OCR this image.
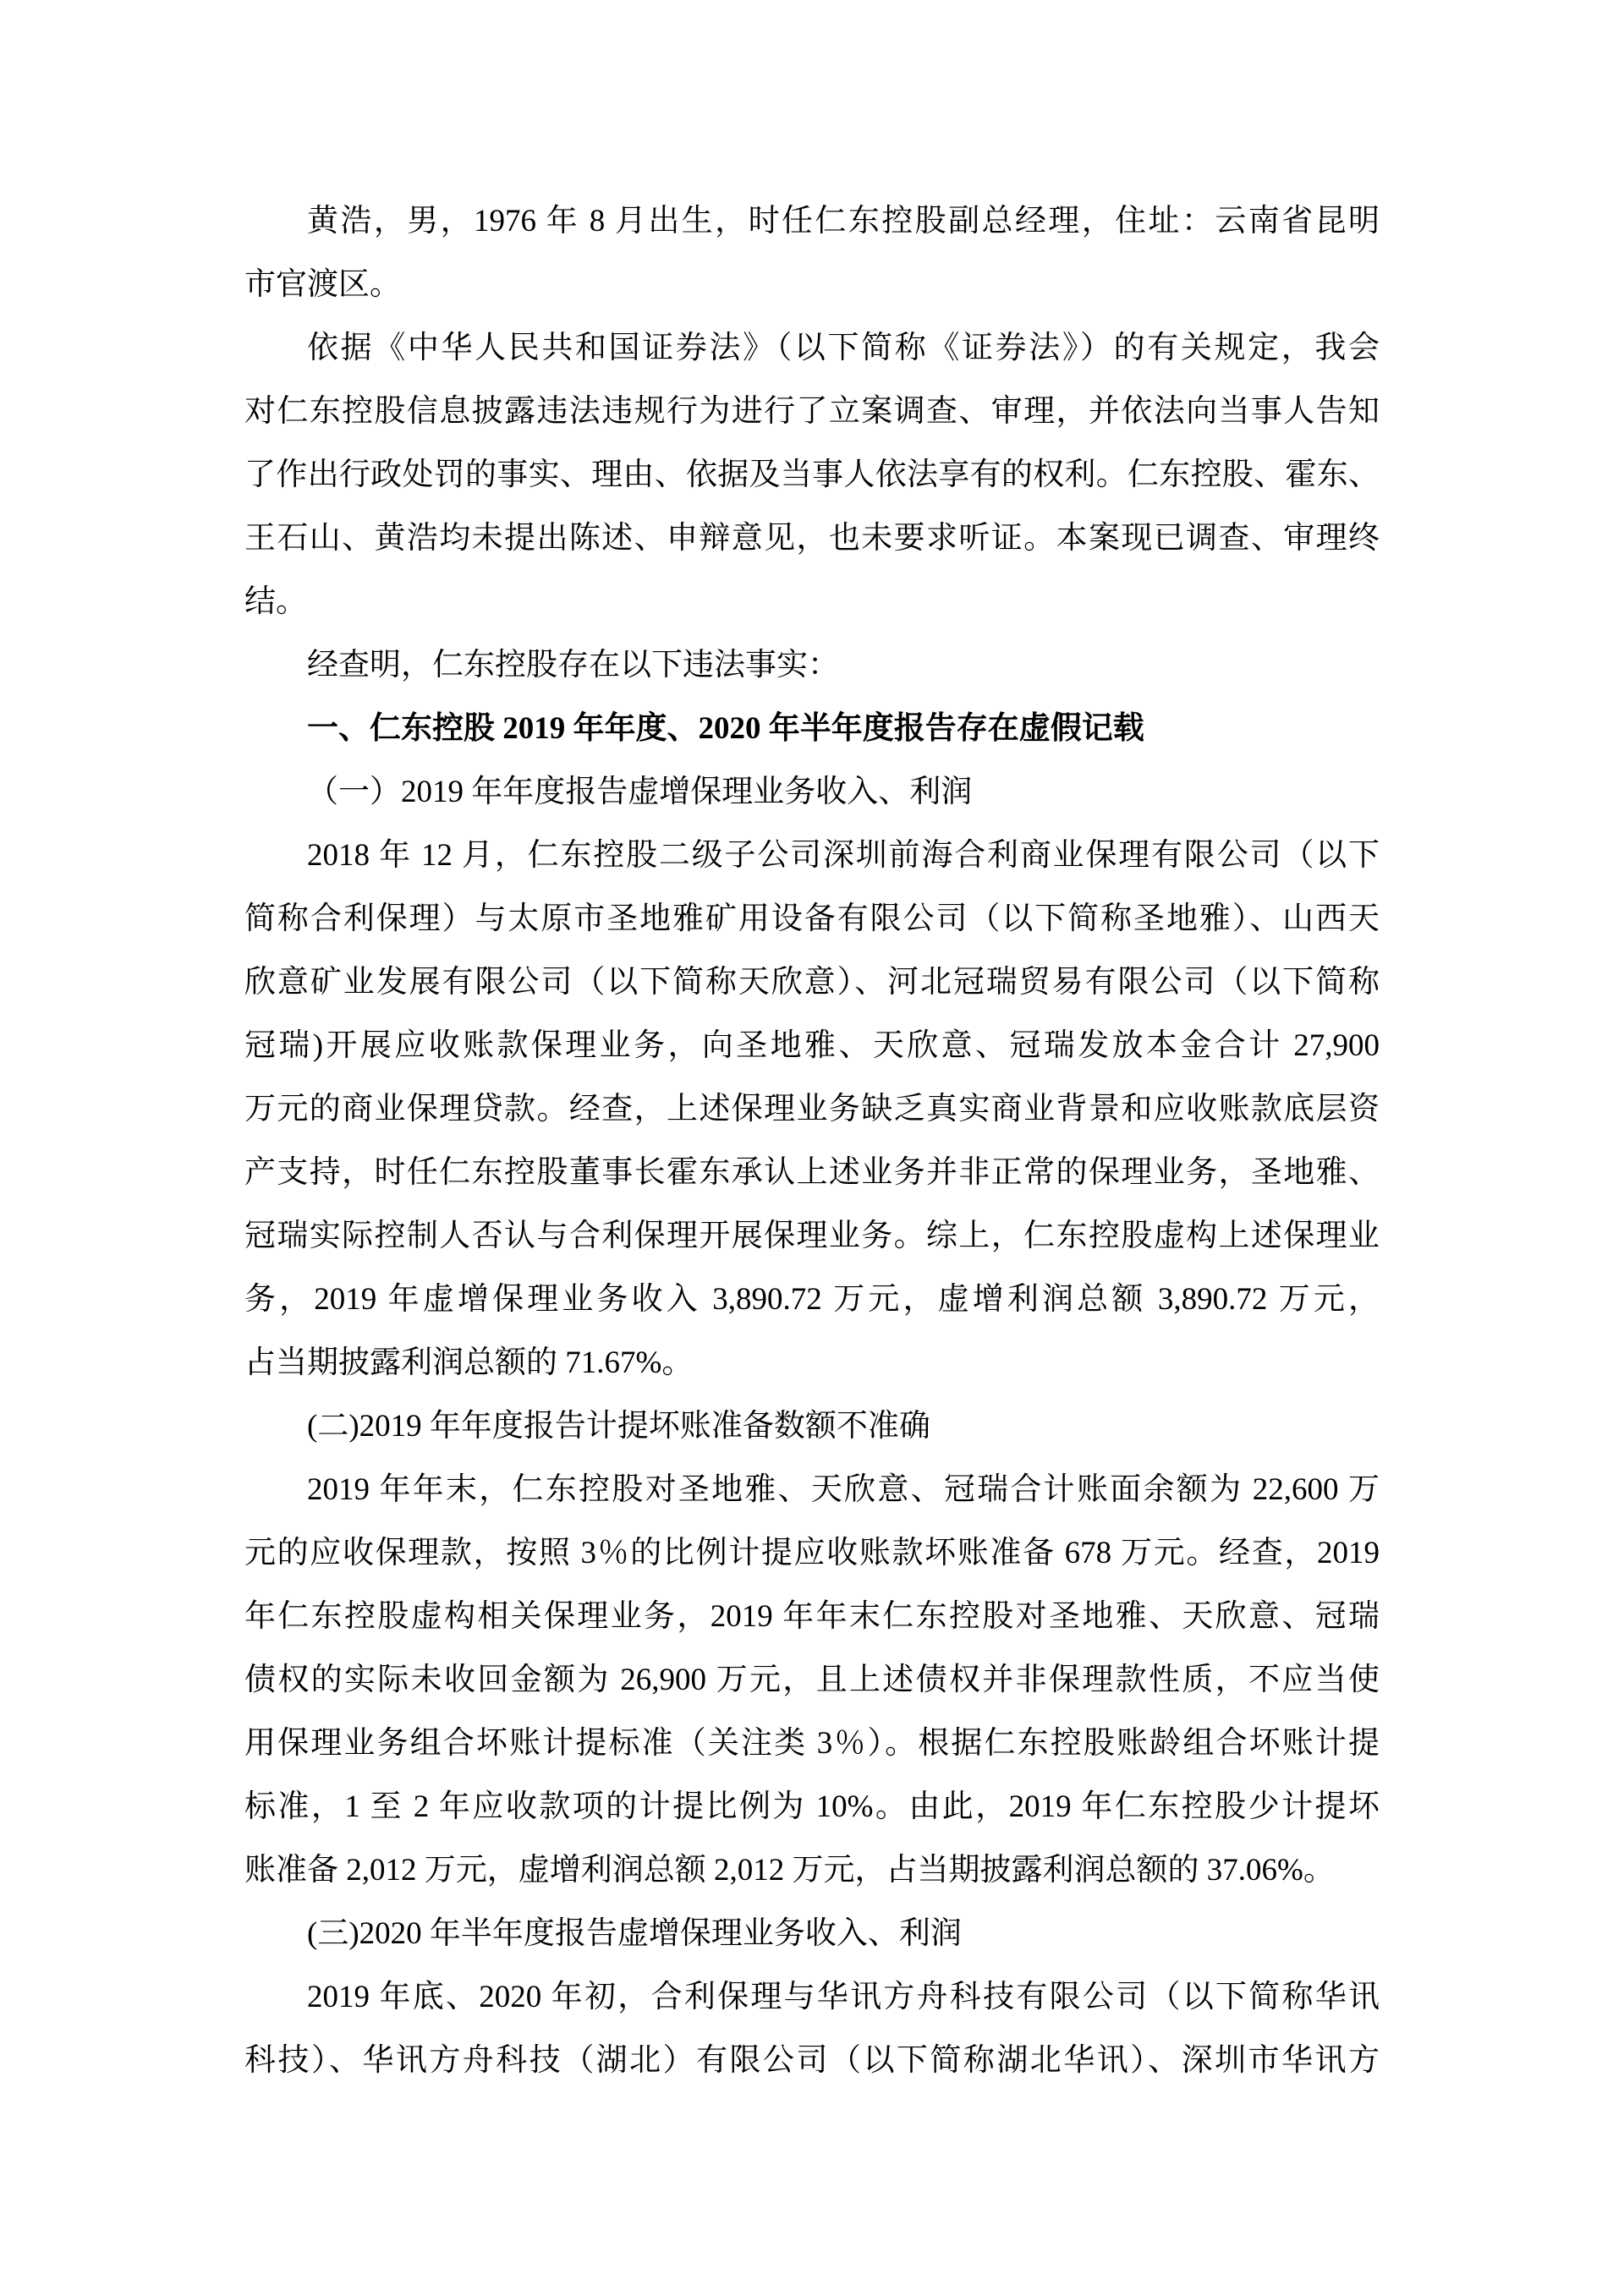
黄浩，男，1976 年 8 月出生，时任仁东控股副总经理，住址：云南省昆明

市官渡区。

依据《中华人民共和国证券法》（以下简称《证券法》）的有关规定，我会

对仁东控股信息披露违法违规行为进行了立案调查、审理，并依法向当事人告知

了作出行政处罚的事实、理由、依据及当事人依法享有的权利。仁东控股、霍东、

王石山、黄浩均未提出陈述、申辩意见，也未要求听证。本案现已调查、审理终

结。

经查明，仁东控股存在以下违法事实：

一、仁东控股 2019 年年度、2020 年半年度报告存在虚假记载

（一）2019 年年度报告虚增保理业务收入、利润

2018 年 12 月，仁东控股二级子公司深圳前海合利商业保理有限公司（以下

简称合利保理）与太原市圣地雅矿用设备有限公司（以下简称圣地雅）、山西天

欣意矿业发展有限公司（以下简称天欣意）、河北冠瑞贸易有限公司（以下简称

冠瑞)开展应收账款保理业务，向圣地雅、天欣意、冠瑞发放本金合计 27,900

万元的商业保理贷款。经查，上述保理业务缺乏真实商业背景和应收账款底层资

产支持，时任仁东控股董事长霍东承认上述业务并非正常的保理业务，圣地雅、

冠瑞实际控制人否认与合利保理开展保理业务。综上，仁东控股虚构上述保理业

务，2019 年虚增保理业务收入 3,890.72 万元，虚增利润总额 3,890.72 万元，

占当期披露利润总额的 71.67%。

(二)2019 年年度报告计提坏账准备数额不准确

2019 年年末，仁东控股对圣地雅、天欣意、冠瑞合计账面余额为 22,600 万

元的应收保理款，按照 3％的比例计提应收账款坏账准备 678 万元。经查，2019

年仁东控股虚构相关保理业务，2019 年年末仁东控股对圣地雅、天欣意、冠瑞

债权的实际未收回金额为 26,900 万元，且上述债权并非保理款性质，不应当使

用保理业务组合坏账计提标准（关注类 3％）。根据仁东控股账龄组合坏账计提

标准，1 至 2 年应收款项的计提比例为 10%。由此，2019 年仁东控股少计提坏

账准备 2,012 万元，虚增利润总额 2,012 万元，占当期披露利润总额的 37.06%。

(三)2020 年半年度报告虚增保理业务收入、利润

2019 年底、2020 年初，合利保理与华讯方舟科技有限公司（以下简称华讯

科技）、华讯方舟科技（湖北）有限公司（以下简称湖北华讯）、深圳市华讯方
